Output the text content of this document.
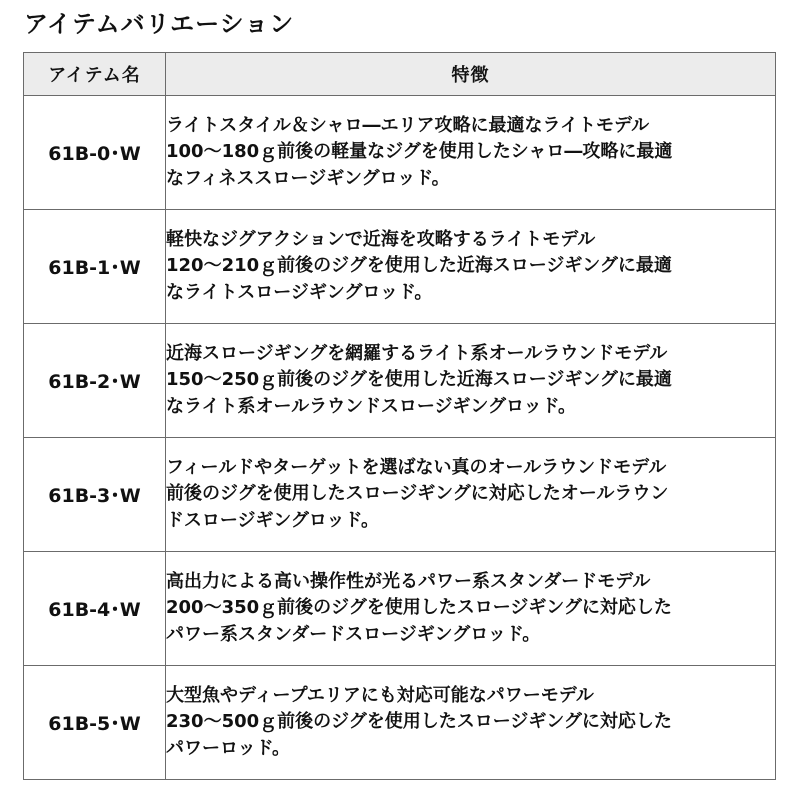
アイテムバリエーション
アイテム名	特徴
61B-0･W	ライトスタイル＆シャロ―エリア攻略に最適なライトモデル
100～180ｇ前後の軽量なジグを使用したシャロ―攻略に最適
なフィネススロージギングロッド。

61B-1･W	軽快なジグアクションで近海を攻略するライトモデル
120～210ｇ前後のジグを使用した近海スロージギングに最適
なライトスロージギングロッド。

61B-2･W	近海スロージギングを網羅するライト系オールラウンドモデル
150～250ｇ前後のジグを使用した近海スロージギングに最適
なライト系オールラウンドスロージギングロッド。

61B-3･W	フィールドやターゲットを選ばない真のオールラウンドモデル
前後のジグを使用したスロージギングに対応したオールラウン
ドスロージギングロッド。

61B-4･W	高出力による高い操作性が光るパワー系スタンダードモデル
200～350ｇ前後のジグを使用したスロージギングに対応した
パワー系スタンダードスロージギングロッド。

61B-5･W	大型魚やディープエリアにも対応可能なパワーモデル
230～500ｇ前後のジグを使用したスロージギングに対応した
パワーロッド。
